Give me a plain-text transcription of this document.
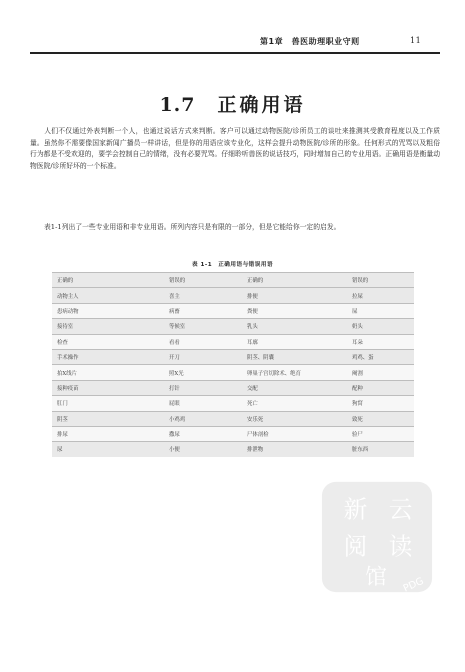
第1章　兽医助理职业守则	11
1.7 正确用语
人们不仅通过外表判断一个人，也通过说话方式来判断。客户可以通过动物医院/诊所员工的谈吐来推测其受教育程度以及工作质量。虽然你不需要像国家新闻广播员一样讲话，但是你的用语应该专业化，这样会提升动物医院/诊所的形象。任何形式的咒骂以及粗俗行为都是不受欢迎的，要学会控制自己的情绪，没有必要咒骂。仔细聆听兽医的说话技巧，同时增加自己的专业用语。正确用语是衡量动物医院/诊所好坏的一个标准。
表1-1列出了一些专业用语和非专业用语。所列内容只是有限的一部分，但是它能给你一定的启发。
表 1-1　正确用语与错误用语
正确的	错误的	正确的	错误的
动物主人	喜主	排便	拉屎
患病动物	病畜	粪便	屎
接待室	等候室	乳头	奶头
检查	看看	耳廓	耳朵
手术操作	开刀	阴茎、阴囊	鸡鸡、蛋
拍X线片	照X光	卵巢子宫切除术、绝育	阉割
接种疫苗	打针	交配	配种
肛门	屁眼	死亡	狗窝
阴茎	小鸡鸡	安乐死	致死
排尿	撒尿	尸体剖检	验尸
尿	小便	排泄物	脏东西
新 云
阅 读
馆 PDG
